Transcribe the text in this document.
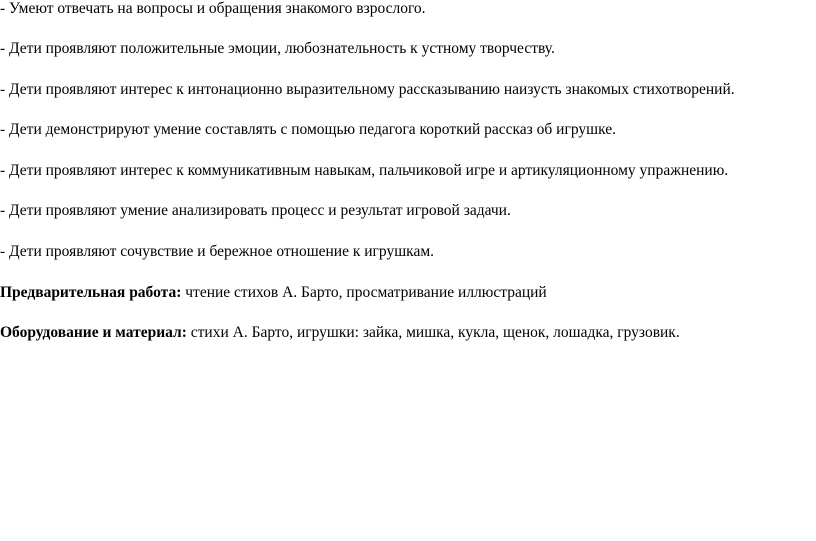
- Умеют отвечать на вопросы и обращения знакомого взрослого.
- Дети проявляют положительные эмоции, любознательность к устному творчеству.
- Дети проявляют интерес к интонационно выразительному рассказыванию наизусть знакомых стихотворений.
- Дети демонстрируют умение составлять с помощью педагога короткий рассказ об игрушке.
- Дети проявляют интерес к коммуникативным навыкам, пальчиковой игре и артикуляционному упражнению.
- Дети проявляют умение анализировать процесс и результат игровой задачи.
- Дети проявляют сочувствие и бережное отношение к игрушкам.
Предварительная работа: чтение стихов А. Барто, просматривание иллюстраций
Оборудование и материал: стихи А. Барто, игрушки: зайка, мишка, кукла, щенок, лошадка, грузовик.
